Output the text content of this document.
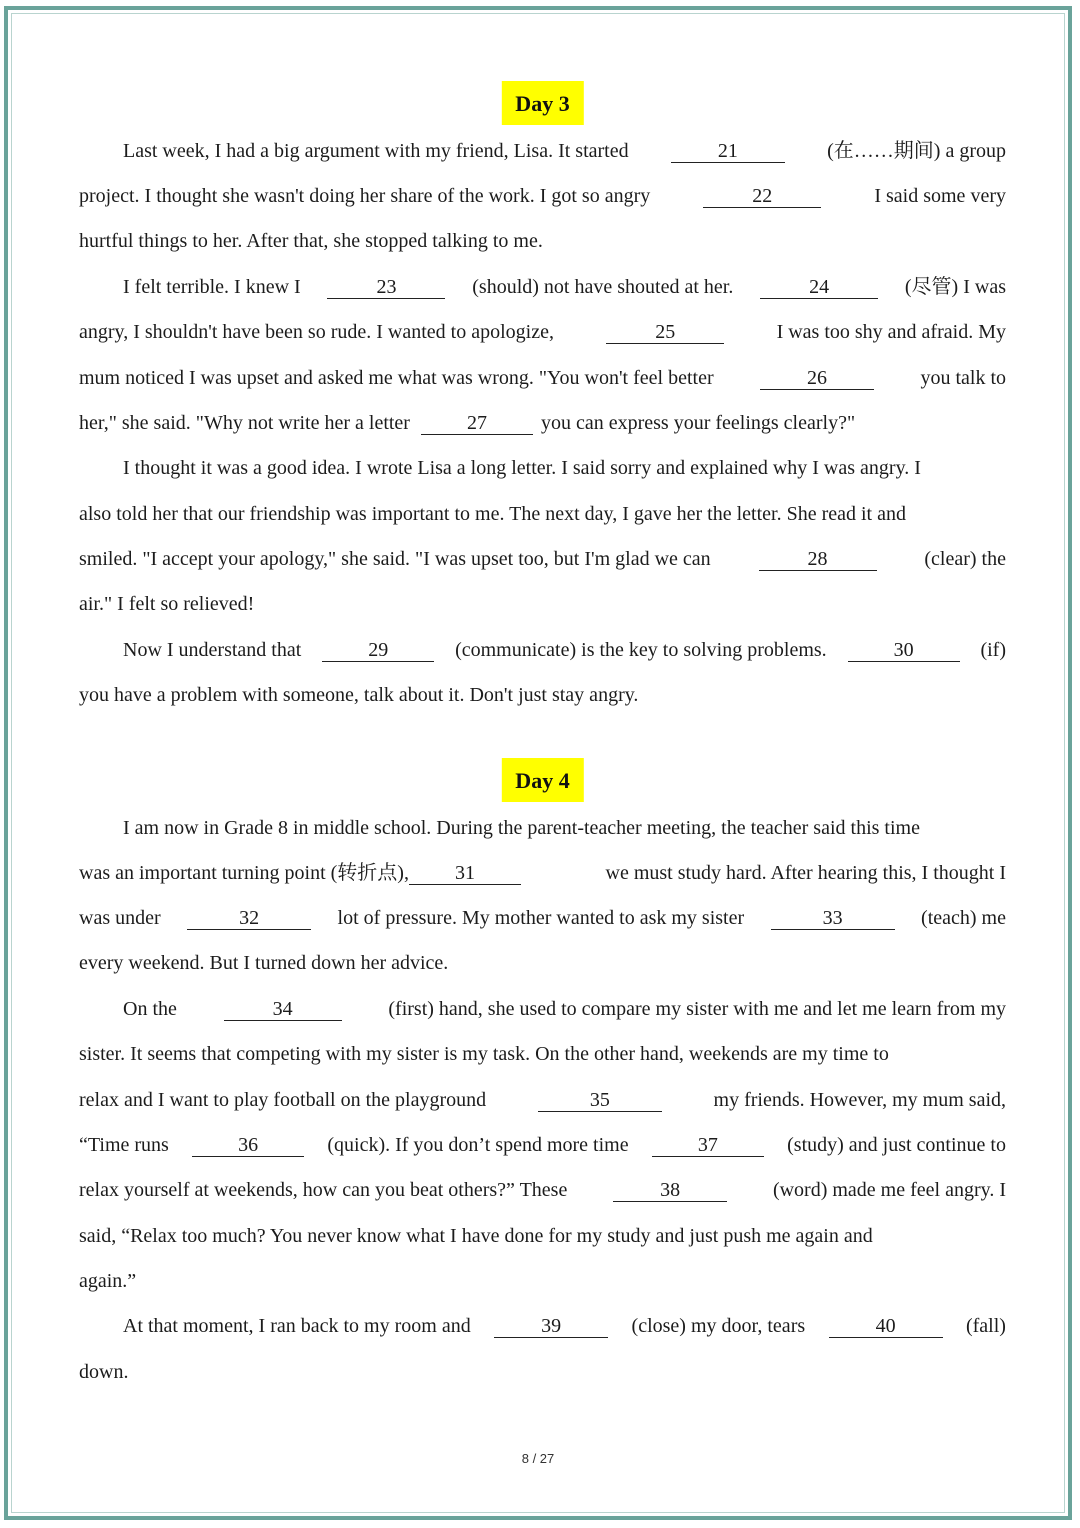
Day 3
Last week, I had a big argument with my friend, Lisa. It started	21	(在……期间) a group
project. I thought she wasn't doing her share of the work. I got so angry	22	I said some very
hurtful things to her. After that, she stopped talking to me.
I felt terrible. I knew I	23	(should) not have shouted at her.	24	(尽管) I was
angry, I shouldn't have been so rude. I wanted to apologize,	25	I was too shy and afraid. My
mum noticed I was upset and asked me what was wrong. "You won't feel better	26	you talk to
her," she said. "Why not write her a letter	27	you can express your feelings clearly?"
I thought it was a good idea. I wrote Lisa a long letter. I said sorry and explained why I was angry. I
also told her that our friendship was important to me. The next day, I gave her the letter. She read it and
smiled. "I accept your apology," she said. "I was upset too, but I'm glad we can	28	(clear) the
air." I felt so relieved!
Now I understand that	29	(communicate) is the key to solving problems.	30	(if)
you have a problem with someone, talk about it. Don't just stay angry.
Day 4
I am now in Grade 8 in middle school. During the parent-teacher meeting, the teacher said this time
was an important turning point (转折点),	31	we must study hard. After hearing this, I thought I
was under	32	lot of pressure. My mother wanted to ask my sister	33	(teach) me
every weekend. But I turned down her advice.
On the	34	(first) hand, she used to compare my sister with me and let me learn from my
sister. It seems that competing with my sister is my task. On the other hand, weekends are my time to
relax and I want to play football on the playground	35	my friends. However, my mum said,
“Time runs	36	(quick). If you don’t spend more time	37	(study) and just continue to
relax yourself at weekends, how can you beat others?” These	38	(word) made me feel angry. I
said, “Relax too much? You never know what I have done for my study and just push me again and
again.”
At that moment, I ran back to my room and	39	(close) my door, tears	40	(fall)
down.
8 / 27
